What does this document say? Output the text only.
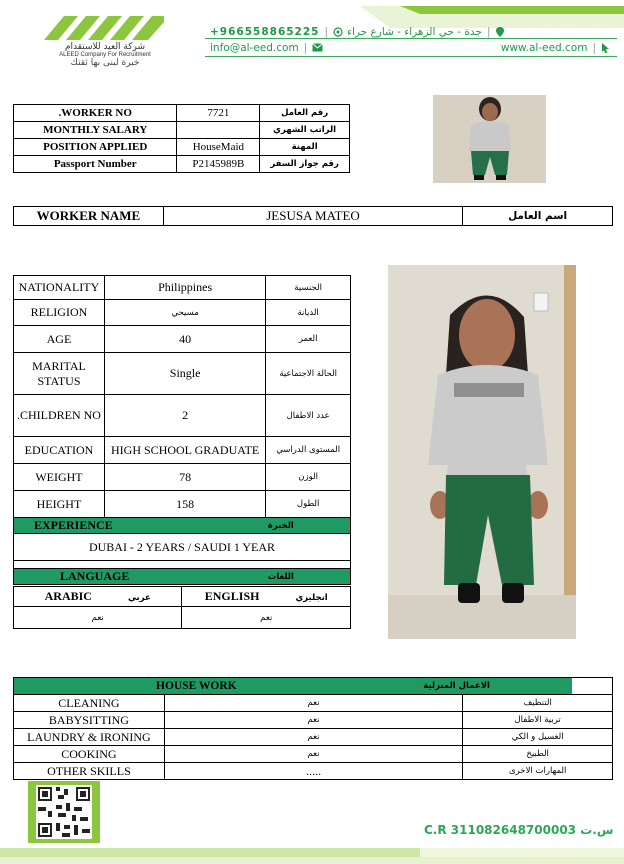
شركة العيد للاستقدام
ALEED Company For Recruitment
خبرة لبنى بها ثقتك
+966558865225 | جدة - حي الزهراء - شارع حراء |
info@al-eed.com |	www.al-eed.com |
.WORKER NO	7721	رقم العامل
MONTHLY SALARY		الراتب الشهري
POSITION APPLIED	HouseMaid	المهنة
Passport Number	P2145989B	رقم جواز السفر
WORKER NAME	JESUSA MATEO	اسم العامل
NATIONALITY	Philippines	الجنسية
RELIGION	مسيحي	الديانة
AGE	40	العمر
MARITAL STATUS	Single	الحالة الاجتماعية
.CHILDREN NO	2	عدد الاطفال
EDUCATION	HIGH SCHOOL GRADUATE	المستوى الدراسي
WEIGHT	78	الوزن
HEIGHT	158	الطول
EXPERIENCE		الخبرة
DUBAI - 2 YEARS / SAUDI 1 YEAR		

LANGUAGE		اللغات
ARABIC عربي	ENGLISH انجليزي
نعم	نعم
HOUSE WORK	الاعمال المنزلية
CLEANING	نعم	التنظيف
BABYSITTING	نعم	تربية الاطفال
LAUNDRY & IRONING	نعم	الغسيل و الكي
COOKING	نعم	الطبيخ
OTHER SKILLS	.....	المهارات الاخرى
C.R 311082648700003 س.ت
